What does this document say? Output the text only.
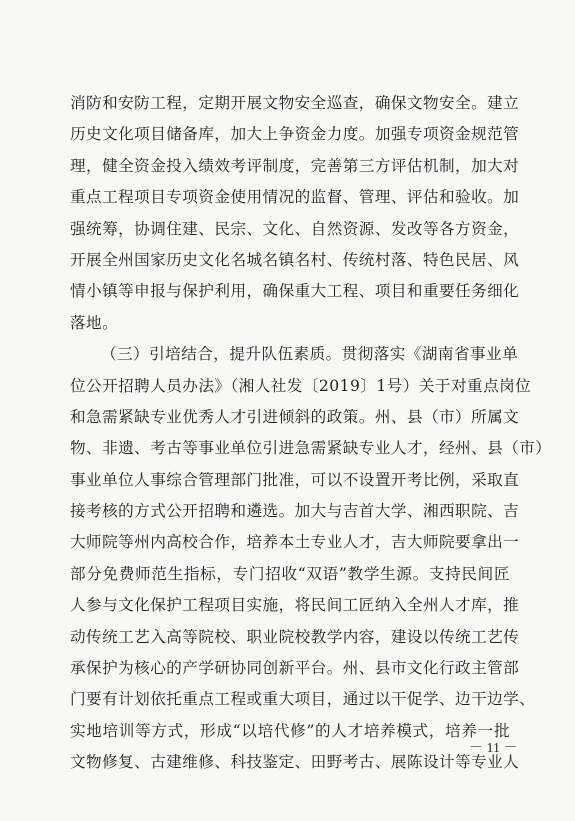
消防和安防工程，定期开展文物安全巡查，确保文物安全。建立
历史文化项目储备库，加大上争资金力度。加强专项资金规范管
理，健全资金投入绩效考评制度，完善第三方评估机制，加大对
重点工程项目专项资金使用情况的监督、管理、评估和验收。加
强统筹，协调住建、民宗、文化、自然资源、发改等各方资金，
开展全州国家历史文化名城名镇名村、传统村落、特色民居、风
情小镇等申报与保护利用，确保重大工程、项目和重要任务细化
落地。
（三）引培结合，提升队伍素质。贯彻落实《湖南省事业单
位公开招聘人员办法》（湘人社发〔2019〕1号）关于对重点岗位
和急需紧缺专业优秀人才引进倾斜的政策。州、县（市）所属文
物、非遗、考古等事业单位引进急需紧缺专业人才，经州、县（市）
事业单位人事综合管理部门批准，可以不设置开考比例，采取直
接考核的方式公开招聘和遴选。加大与吉首大学、湘西职院、吉
大师院等州内高校合作，培养本土专业人才，吉大师院要拿出一
部分免费师范生指标，专门招收“双语”教学生源。支持民间匠
人参与文化保护工程项目实施，将民间工匠纳入全州人才库，推
动传统工艺入高等院校、职业院校教学内容，建设以传统工艺传
承保护为核心的产学研协同创新平台。州、县市文化行政主管部
门要有计划依托重点工程或重大项目，通过以干促学、边干边学、
实地培训等方式，形成“以培代修”的人才培养模式，培养一批
文物修复、古建维修、科技鉴定、田野考古、展陈设计等专业人
－ 11 －
